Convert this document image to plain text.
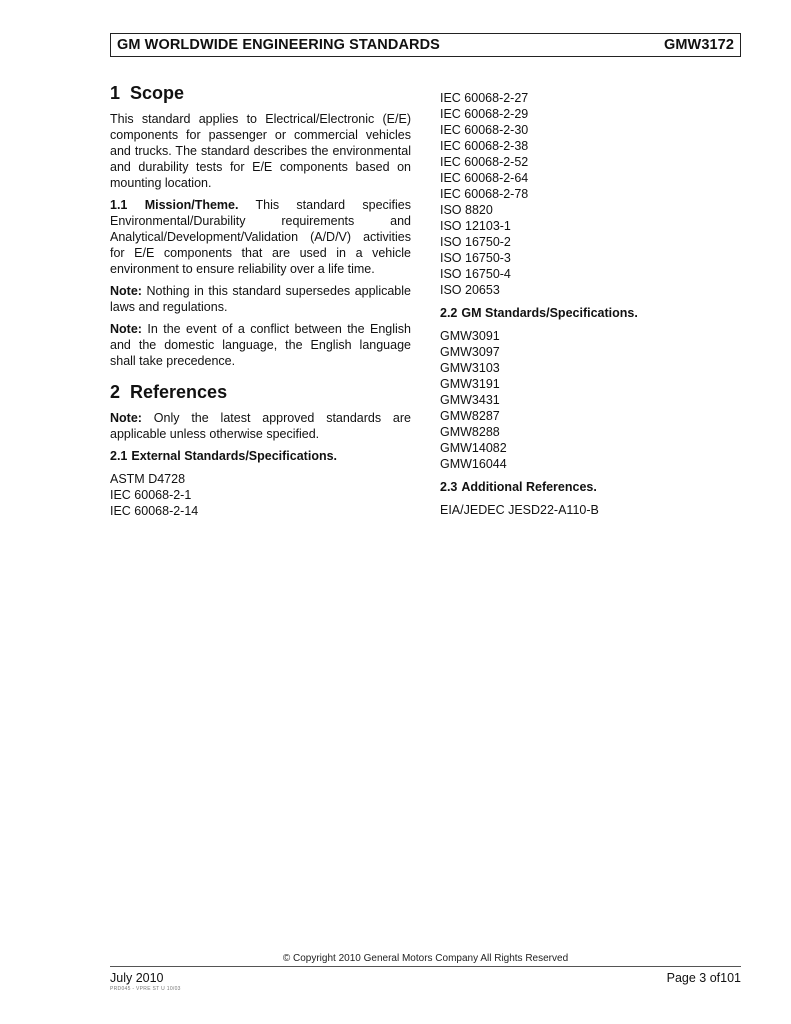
GM WORLDWIDE ENGINEERING STANDARDS	GMW3172
1 Scope

This standard applies to Electrical/Electronic (E/E) components for passenger or commercial vehicles and trucks. The standard describes the environmental and durability tests for E/E components based on mounting location.

1.1 Mission/Theme. This standard specifies Environmental/Durability requirements and Analytical/Development/Validation (A/D/V) activities for E/E components that are used in a vehicle environment to ensure reliability over a life time.

Note: Nothing in this standard supersedes applicable laws and regulations.

Note: In the event of a conflict between the English and the domestic language, the English language shall take precedence.

2 References

Note: Only the latest approved standards are applicable unless otherwise specified.

2.1 External Standards/Specifications.
ASTM D4728
IEC 60068-2-1
IEC 60068-2-14
IEC 60068-2-27
IEC 60068-2-29
IEC 60068-2-30
IEC 60068-2-38
IEC 60068-2-52
IEC 60068-2-64
IEC 60068-2-78
ISO 8820
ISO 12103-1
ISO 16750-2
ISO 16750-3
ISO 16750-4
ISO 20653
2.2 GM Standards/Specifications.
GMW3091
GMW3097
GMW3103
GMW3191
GMW3431
GMW8287
GMW8288
GMW14082
GMW16044
2.3 Additional References.
EIA/JEDEC JESD22-A110-B
© Copyright 2010 General Motors Company All Rights Reserved
July 2010	Page 3 of101
PRD045 - VPRE ST U 10/03
